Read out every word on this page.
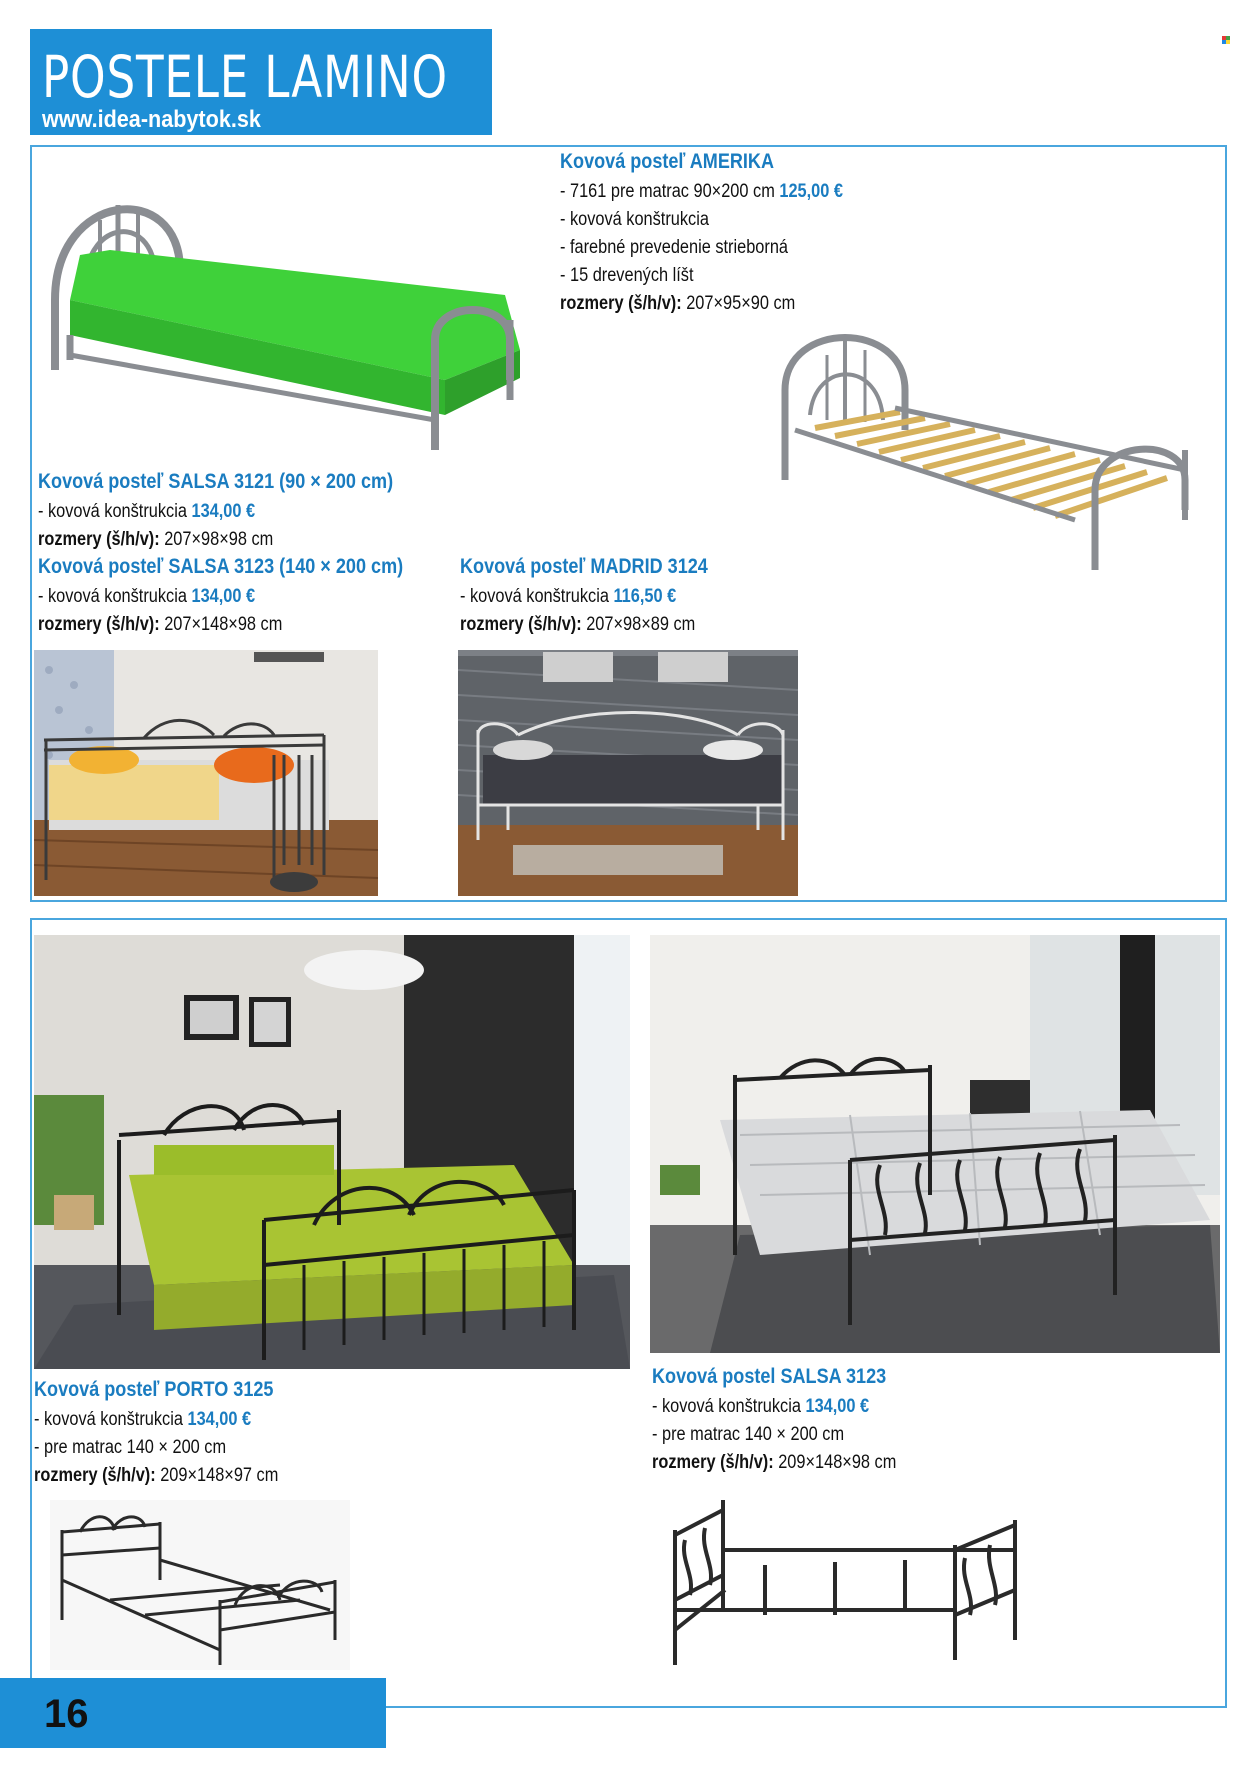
POSTELE LAMINO
www.idea-nabytok.sk
Kovová posteľ AMERIKA
- 7161 pre matrac 90×200 cm 125,00 €
- kovová konštrukcia
- farebné prevedenie strieborná
- 15 drevených líšt
rozmery (š/h/v): 207×95×90 cm
Kovová posteľ SALSA 3121 (90 × 200 cm)
- kovová konštrukcia 134,00 €
rozmery (š/h/v): 207×98×98 cm
Kovová posteľ SALSA 3123 (140 × 200 cm)
- kovová konštrukcia 134,00 €
rozmery (š/h/v): 207×148×98 cm
Kovová posteľ MADRID 3124
- kovová konštrukcia 116,50 €
rozmery (š/h/v): 207×98×89 cm
Kovová posteľ PORTO 3125
- kovová konštrukcia 134,00 €
- pre matrac 140 × 200 cm
rozmery (š/h/v): 209×148×97 cm
Kovová postel SALSA 3123
- kovová konštrukcia 134,00 €
- pre matrac 140 × 200 cm
rozmery (š/h/v): 209×148×98 cm
16
